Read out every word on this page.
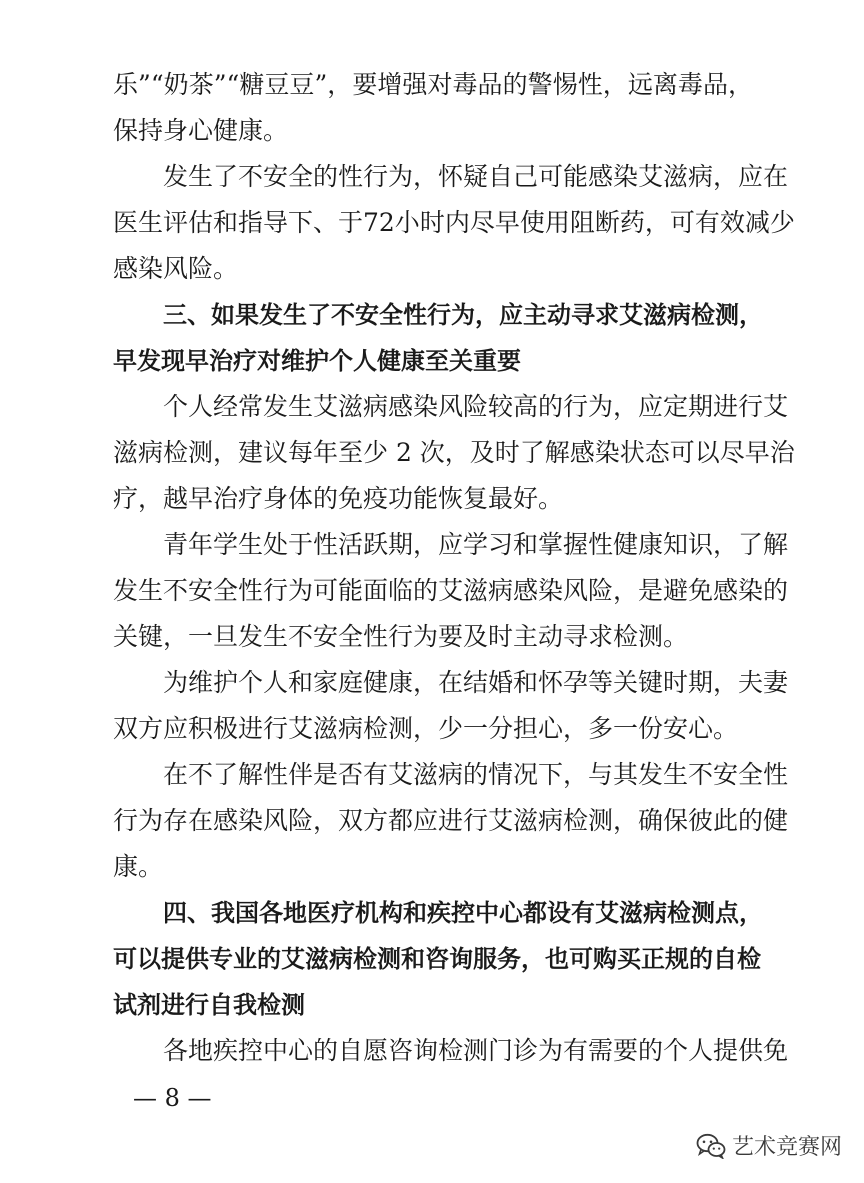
乐”“奶茶”“糖豆豆”，要增强对毒品的警惕性，远离毒品，
保持身心健康。
发生了不安全的性行为，怀疑自己可能感染艾滋病，应在
医生评估和指导下、于72小时内尽早使用阻断药，可有效减少
感染风险。
三、如果发生了不安全性行为，应主动寻求艾滋病检测，
早发现早治疗对维护个人健康至关重要
个人经常发生艾滋病感染风险较高的行为，应定期进行艾
滋病检测，建议每年至少 2 次，及时了解感染状态可以尽早治
疗，越早治疗身体的免疫功能恢复最好。
青年学生处于性活跃期，应学习和掌握性健康知识，了解
发生不安全性行为可能面临的艾滋病感染风险，是避免感染的
关键，一旦发生不安全性行为要及时主动寻求检测。
为维护个人和家庭健康，在结婚和怀孕等关键时期，夫妻
双方应积极进行艾滋病检测，少一分担心，多一份安心。
在不了解性伴是否有艾滋病的情况下，与其发生不安全性
行为存在感染风险，双方都应进行艾滋病检测，确保彼此的健
康。
四、我国各地医疗机构和疾控中心都设有艾滋病检测点，
可以提供专业的艾滋病检测和咨询服务，也可购买正规的自检
试剂进行自我检测
各地疾控中心的自愿咨询检测门诊为有需要的个人提供免
— 8 —
艺术竞赛网
